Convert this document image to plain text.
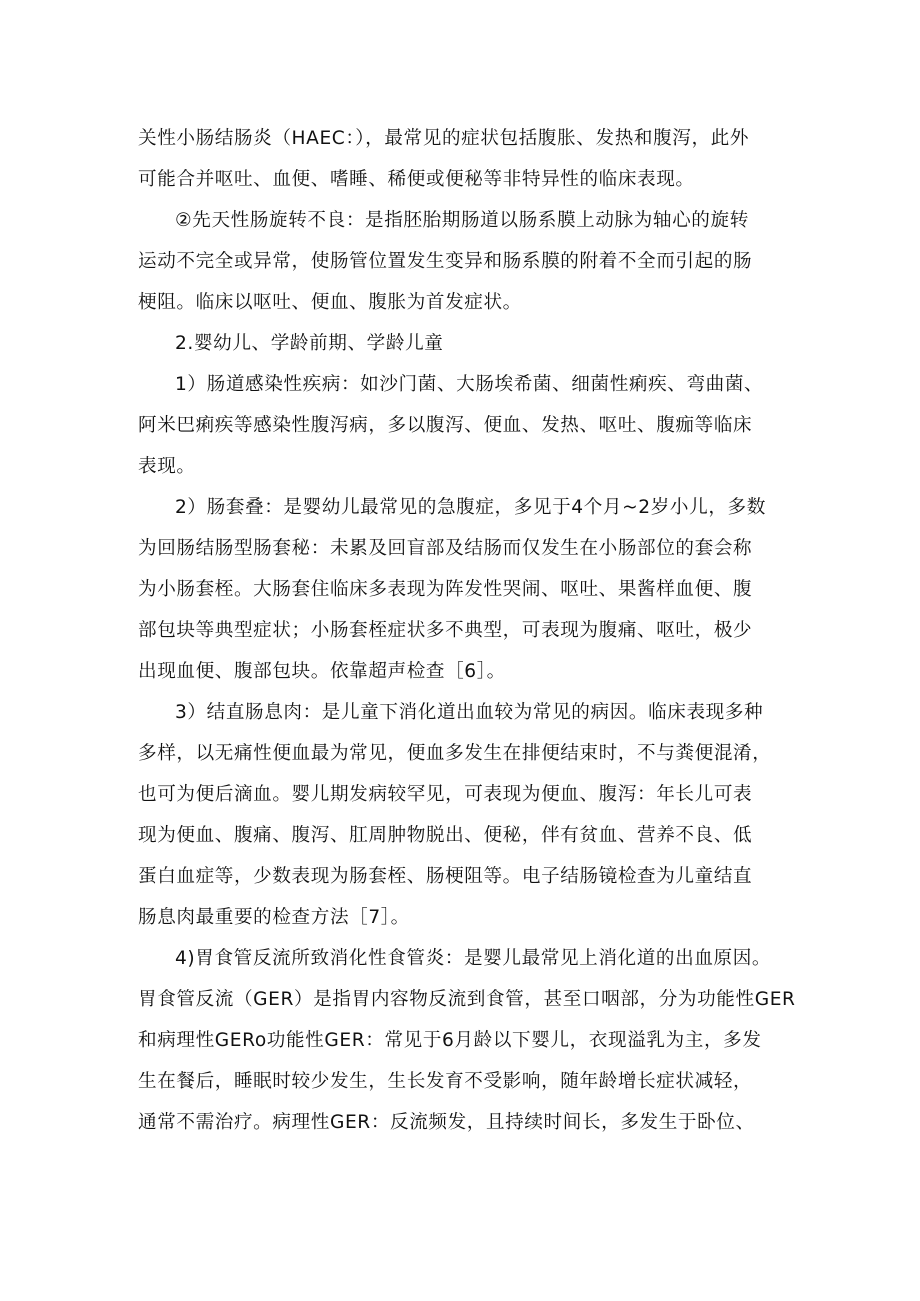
关性小肠结肠炎（HAEC：），最常见的症状包括腹胀、发热和腹泻，此外
可能合并呕吐、血便、嗜睡、稀便或便秘等非特异性的临床表现。
②先天性肠旋转不良：是指胚胎期肠道以肠系膜上动脉为轴心的旋转
运动不完全或异常，使肠管位置发生变异和肠系膜的附着不全而引起的肠
梗阻。临床以呕吐、便血、腹胀为首发症状。
2.婴幼儿、学龄前期、学龄儿童
1）肠道感染性疾病：如沙门菌、大肠埃希菌、细菌性痢疾、弯曲菌、
阿米巴痢疾等感染性腹泻病，多以腹泻、便血、发热、呕吐、腹痂等临床
表现。
2）肠套叠：是婴幼儿最常见的急腹症，多见于4个月~2岁小儿，多数
为回肠结肠型肠套秘：未累及回盲部及结肠而仅发生在小肠部位的套会称
为小肠套桎。大肠套住临床多表现为阵发性哭闹、呕吐、果酱样血便、腹
部包块等典型症状；小肠套桎症状多不典型，可表现为腹痛、呕吐，极少
出现血便、腹部包块。依靠超声检查［6］。
3）结直肠息肉：是儿童下消化道出血较为常见的病因。临床表现多种
多样，以无痛性便血最为常见，便血多发生在排便结束时，不与粪便混淆，
也可为便后滴血。婴儿期发病较罕见，可表现为便血、腹泻：年长儿可表
现为便血、腹痛、腹泻、肛周肿物脱出、便秘，伴有贫血、营养不良、低
蛋白血症等，少数表现为肠套桎、肠梗阻等。电子结肠镜检查为儿童结直
肠息肉最重要的检查方法［7］。
4)胃食管反流所致消化性食管炎：是婴儿最常见上消化道的出血原因。
胃食管反流（GER）是指胃内容物反流到食管，甚至口咽部，分为功能性GER
和病理性GERo功能性GER：常见于6月龄以下婴儿，衣现溢乳为主，多发
生在餐后，睡眠时较少发生，生长发育不受影响，随年龄增长症状减轻，
通常不需治疗。病理性GER：反流频发，且持续时间长，多发生于卧位、
